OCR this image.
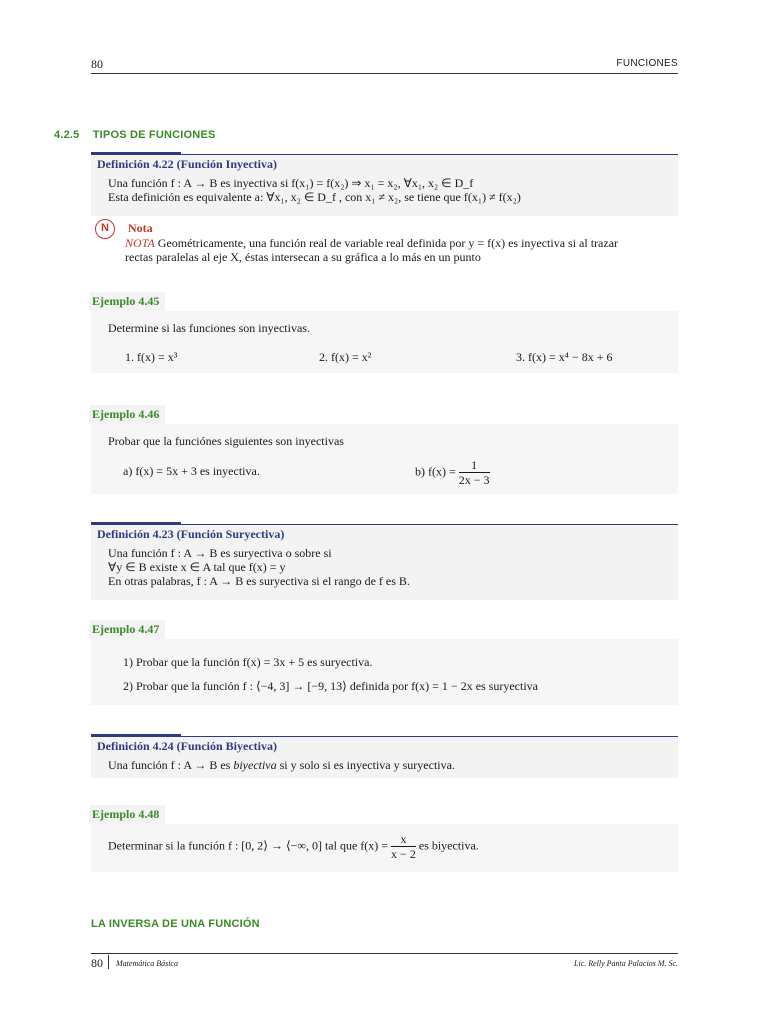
80	FUNCIONES
4.2.5 TIPOS DE FUNCIONES
Definición 4.22 (Función Inyectiva)
Una función f : A → B es inyectiva si f(x₁) = f(x₂) ⇒ x₁ = x₂, ∀x₁, x₂ ∈ D_f
Esta definición es equivalente a: ∀x₁, x₂ ∈ D_f , con x₁ ≠ x₂, se tiene que f(x₁) ≠ f(x₂)
N	Nota
NOTA Geométricamente, una función real de variable real definida por y = f(x) es inyectiva si al trazar
rectas paralelas al eje X, éstas intersecan a su gráfica a lo más en un punto
Ejemplo 4.45
Determine si las funciones son inyectivas.
1. f(x) = x³	2. f(x) = x²	3. f(x) = x⁴ − 8x + 6
Ejemplo 4.46
Probar que la funciónes siguientes son inyectivas
a) f(x) = 5x + 3 es inyectiva.	b) $f(x) = \frac{1}{2x - 3}$
Definición 4.23 (Función Suryectiva)
Una función f : A → B es suryectiva o sobre si
∀y ∈ B existe x ∈ A tal que f(x) = y
En otras palabras, f : A → B es suryectiva si el rango de f es B.
Ejemplo 4.47
1) Probar que la función f(x) = 3x + 5 es suryectiva.
2) Probar que la función f : ⟨−4, 3] → [−9, 13⟩ definida por f(x) = 1 − 2x es suryectiva
Definición 4.24 (Función Biyectiva)
Una función f : A → B es biyectiva si y solo si es inyectiva y suryectiva.
Ejemplo 4.48
Determinar si la función f : [0, 2⟩ → ⟨−∞, 0] tal que $f(x) = \frac{x}{x - 2}$ es biyectiva.
LA INVERSA DE UNA FUNCIÓN
80 Matemática Básica	Lic. Relly Panta Palacios M. Sc.
